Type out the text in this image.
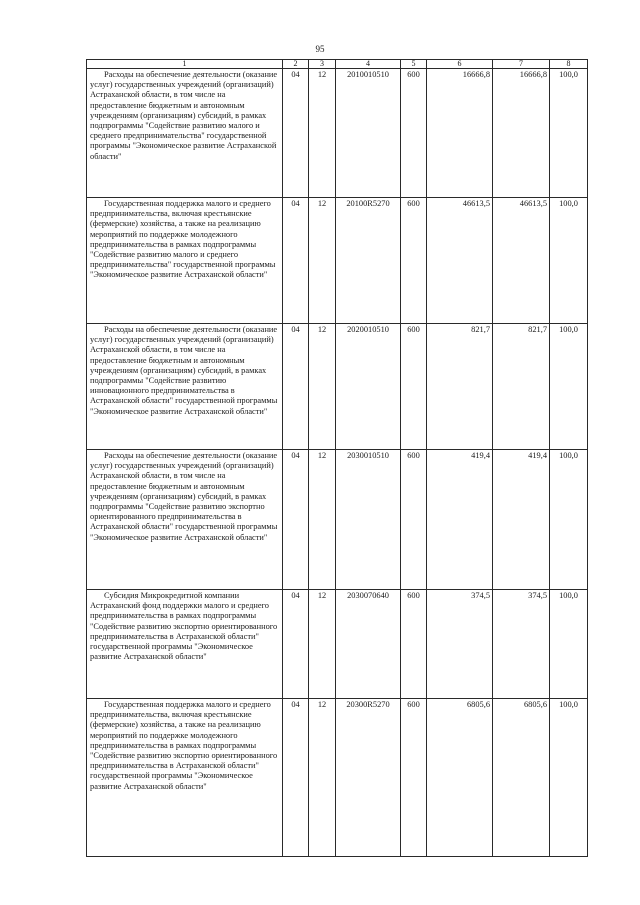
95
1	2	3	4	5	6	7	8

Расходы на обеспечение деятельности (оказание услуг) государственных учреждений (организаций) Астраханской области, в том числе на предоставление бюджетным и автономным учреждениям (организациям) субсидий, в рамках подпрограммы "Содействие развитию малого и среднего предпринимательства" государственной программы "Экономическое развитие Астраханской области"	04	12	2010010510	600	16666,8	16666,8	100,0

Государственная поддержка малого и среднего предпринимательства, включая крестьянские (фермерские) хозяйства, а также на реализацию мероприятий по поддержке молодежного предпринимательства в рамках подпрограммы "Содействие развитию малого и среднего предпринимательства" государственной программы "Экономическое развитие Астраханской области"	04	12	20100R5270	600	46613,5	46613,5	100,0

Расходы на обеспечение деятельности (оказание услуг) государственных учреждений (организаций) Астраханской области, в том числе на предоставление бюджетным и автономным учреждениям (организациям) субсидий, в рамках подпрограммы "Содействие развитию инновационного предпринимательства в Астраханской области" государственной программы "Экономическое развитие Астраханской области"	04	12	2020010510	600	821,7	821,7	100,0

Расходы на обеспечение деятельности (оказание услуг) государственных учреждений (организаций) Астраханской области, в том числе на предоставление бюджетным и автономным учреждениям (организациям) субсидий, в рамках подпрограммы "Содействие развитию экспортно ориентированного предпринимательства в Астраханской области" государственной программы "Экономическое развитие Астраханской области"	04	12	2030010510	600	419,4	419,4	100,0

Субсидия Микрокредитной компании Астраханский фонд поддержки малого и среднего предпринимательства в рамках подпрограммы "Содействие развитию экспортно ориентированного предпринимательства в Астраханской области" государственной программы "Экономическое развитие Астраханской области"	04	12	2030070640	600	374,5	374,5	100,0

Государственная поддержка малого и среднего предпринимательства, включая крестьянские (фермерские) хозяйства, а также на реализацию мероприятий по поддержке молодежного предпринимательства в рамках подпрограммы "Содействие развитию экспортно ориентированного предпринимательства в Астраханской области" государственной программы "Экономическое развитие Астраханской области"	04	12	20300R5270	600	6805,6	6805,6	100,0
